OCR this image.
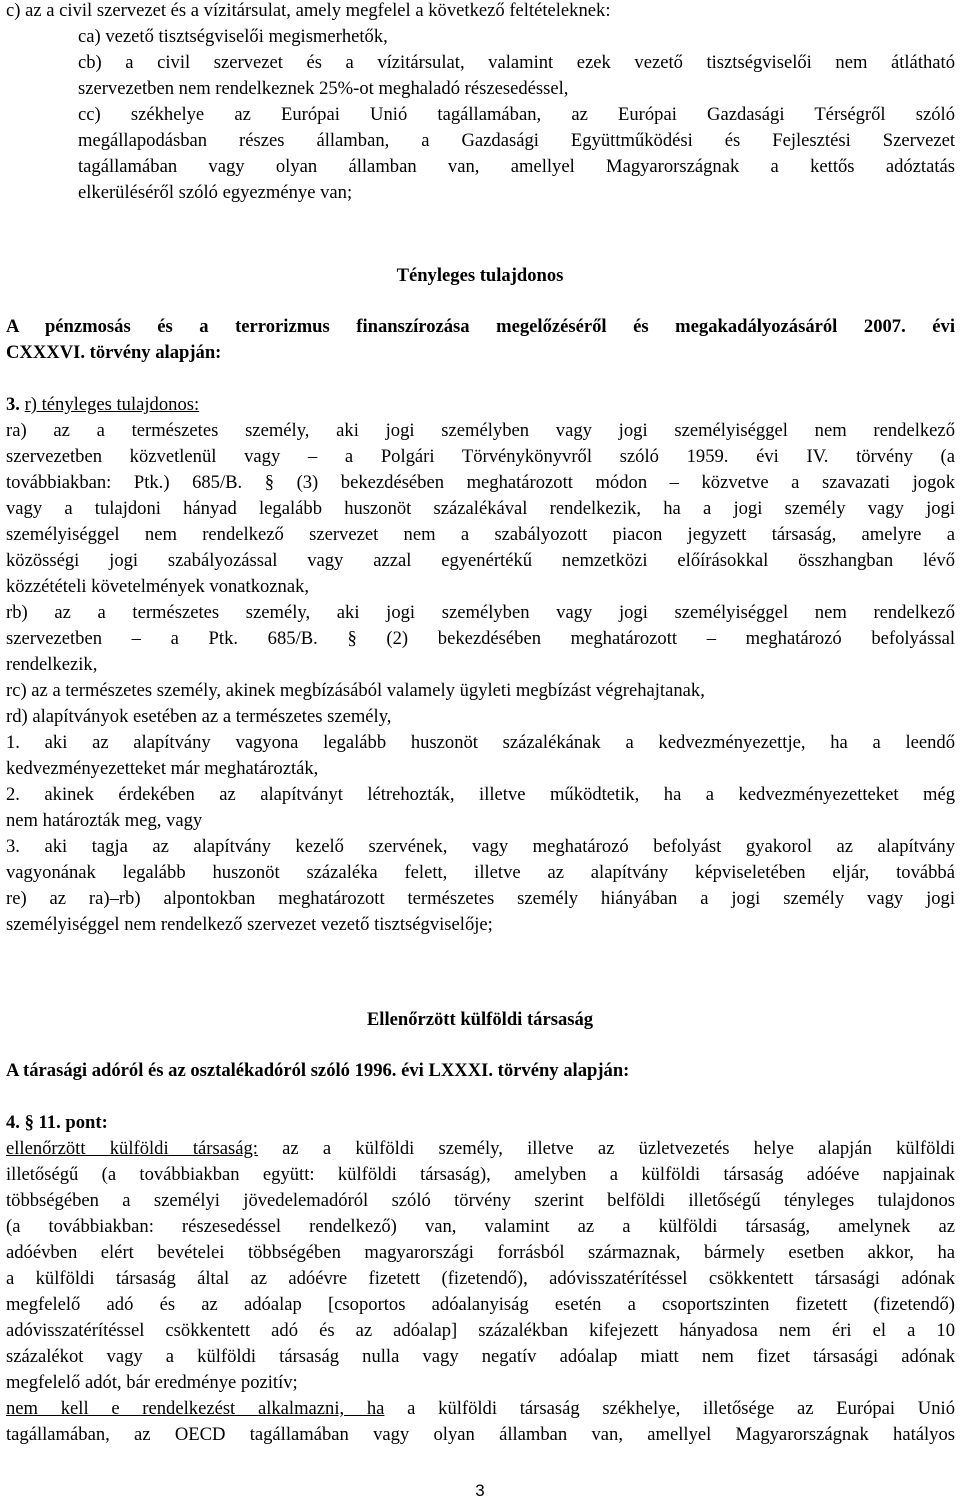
c) az a civil szervezet és a vízitársulat, amely megfelel a következő feltételeknek:
ca) vezető tisztségviselői megismerhetők,
cb) a civil szervezet és a vízitársulat, valamint ezek vezető tisztségviselői nem átlátható
szervezetben nem rendelkeznek 25%-ot meghaladó részesedéssel,
cc) székhelye az Európai Unió tagállamában, az Európai Gazdasági Térségről szóló
megállapodásban részes államban, a Gazdasági Együttműködési és Fejlesztési Szervezet
tagállamában vagy olyan államban van, amellyel Magyarországnak a kettős adóztatás
elkerüléséről szóló egyezménye van;
Tényleges tulajdonos
A pénzmosás és a terrorizmus finanszírozása megelőzéséről és megakadályozásáról 2007. évi
CXXXVI. törvény alapján:
3. r) tényleges tulajdonos:
ra) az a természetes személy, aki jogi személyben vagy jogi személyiséggel nem rendelkező
szervezetben közvetlenül vagy ‒ a Polgári Törvénykönyvről szóló 1959. évi IV. törvény (a
továbbiakban: Ptk.) 685/B. § (3) bekezdésében meghatározott módon ‒ közvetve a szavazati jogok
vagy a tulajdoni hányad legalább huszonöt százalékával rendelkezik, ha a jogi személy vagy jogi
személyiséggel nem rendelkező szervezet nem a szabályozott piacon jegyzett társaság, amelyre a
közösségi jogi szabályozással vagy azzal egyenértékű nemzetközi előírásokkal összhangban lévő
közzétételi követelmények vonatkoznak,
rb) az a természetes személy, aki jogi személyben vagy jogi személyiséggel nem rendelkező
szervezetben ‒ a Ptk. 685/B. § (2) bekezdésében meghatározott ‒ meghatározó befolyással
rendelkezik,
rc) az a természetes személy, akinek megbízásából valamely ügyleti megbízást végrehajtanak,
rd) alapítványok esetében az a természetes személy,
1. aki az alapítvány vagyona legalább huszonöt százalékának a kedvezményezettje, ha a leendő
kedvezményezetteket már meghatározták,
2. akinek érdekében az alapítványt létrehozták, illetve működtetik, ha a kedvezményezetteket még
nem határozták meg, vagy
3. aki tagja az alapítvány kezelő szervének, vagy meghatározó befolyást gyakorol az alapítvány
vagyonának legalább huszonöt százaléka felett, illetve az alapítvány képviseletében eljár, továbbá
re) az ra)‒rb) alpontokban meghatározott természetes személy hiányában a jogi személy vagy jogi
személyiséggel nem rendelkező szervezet vezető tisztségviselője;
Ellenőrzött külföldi társaság
A tárasági adóról és az osztalékadóról szóló 1996. évi LXXXI. törvény alapján:
4. § 11. pont:
ellenőrzött külföldi társaság: az a külföldi személy, illetve az üzletvezetés helye alapján külföldi
illetőségű (a továbbiakban együtt: külföldi társaság), amelyben a külföldi társaság adóéve napjainak
többségében a személyi jövedelemadóról szóló törvény szerint belföldi illetőségű tényleges tulajdonos
(a továbbiakban: részesedéssel rendelkező) van, valamint az a külföldi társaság, amelynek az
adóévben elért bevételei többségében magyarországi forrásból származnak, bármely esetben akkor, ha
a külföldi társaság által az adóévre fizetett (fizetendő), adóvisszatérítéssel csökkentett társasági adónak
megfelelő adó és az adóalap [csoportos adóalanyiság esetén a csoportszinten fizetett (fizetendő)
adóvisszatérítéssel csökkentett adó és az adóalap] százalékban kifejezett hányadosa nem éri el a 10
százalékot vagy a külföldi társaság nulla vagy negatív adóalap miatt nem fizet társasági adónak
megfelelő adót, bár eredménye pozitív;
nem kell e rendelkezést alkalmazni, ha a külföldi társaság székhelye, illetősége az Európai Unió
tagállamában, az OECD tagállamában vagy olyan államban van, amellyel Magyarországnak hatályos
3
